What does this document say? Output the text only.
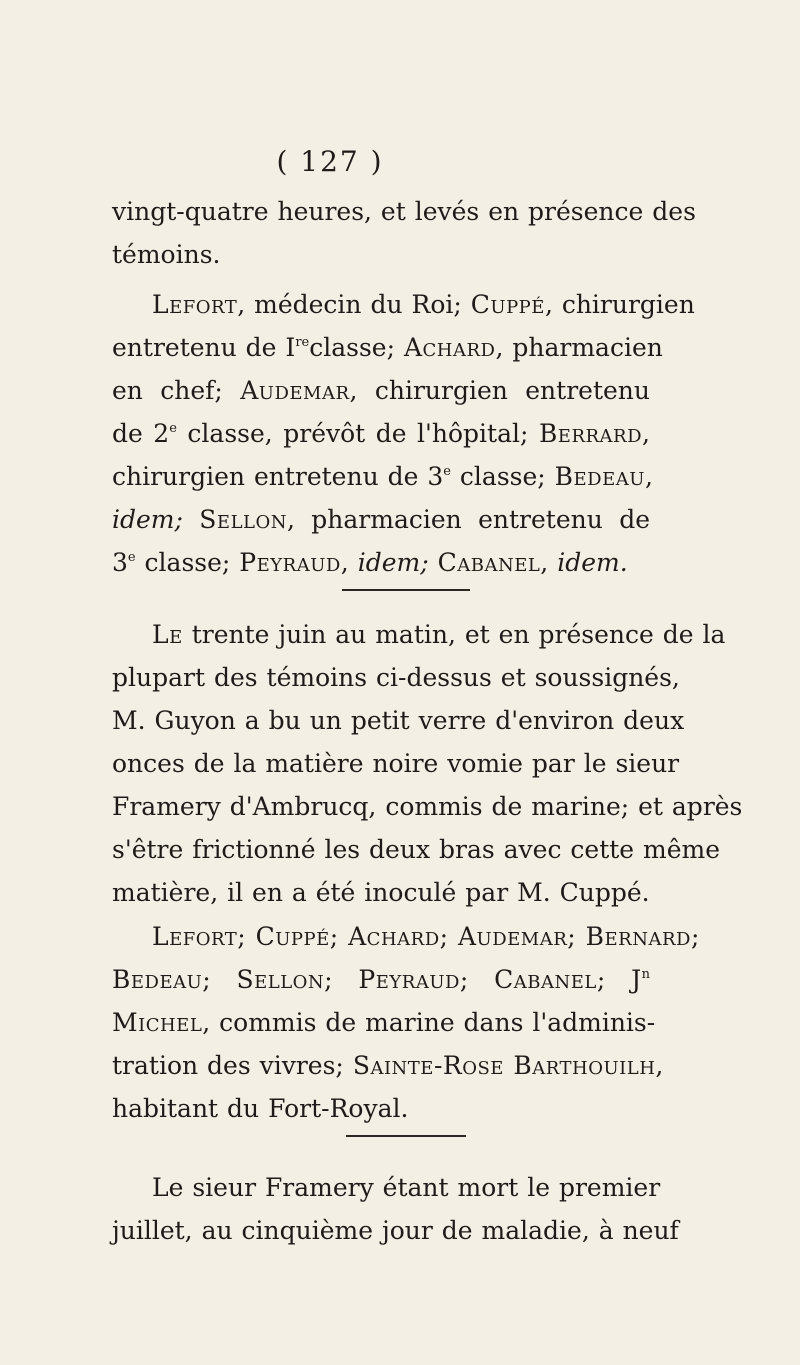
( 127 )
vingt-quatre heures, et levés en présence des
témoins.
Lefort, médecin du Roi; Cuppé, chirurgien
entretenu de Ireclasse; Achard, pharmacien
en chef; Audemar, chirurgien entretenu
de 2e classe, prévôt de l'hôpital; Berrard,
chirurgien entretenu de 3e classe; Bedeau,
idem; Sellon, pharmacien entretenu de
3e classe; Peyraud, idem; Cabanel, idem.
Le trente juin au matin, et en présence de la
plupart des témoins ci-dessus et soussignés,
M. Guyon a bu un petit verre d'environ deux
onces de la matière noire vomie par le sieur
Framery d'Ambrucq, commis de marine; et après
s'être frictionné les deux bras avec cette même
matière, il en a été inoculé par M. Cuppé.
Lefort; Cuppé; Achard; Audemar; Bernard;
Bedeau; Sellon; Peyraud; Cabanel; $J^n$
Michel, commis de marine dans l'adminis-
tration des vivres; Sainte-Rose Barthouilh,
habitant du Fort-Royal.
Le sieur Framery étant mort le premier
juillet, au cinquième jour de maladie, à neuf
